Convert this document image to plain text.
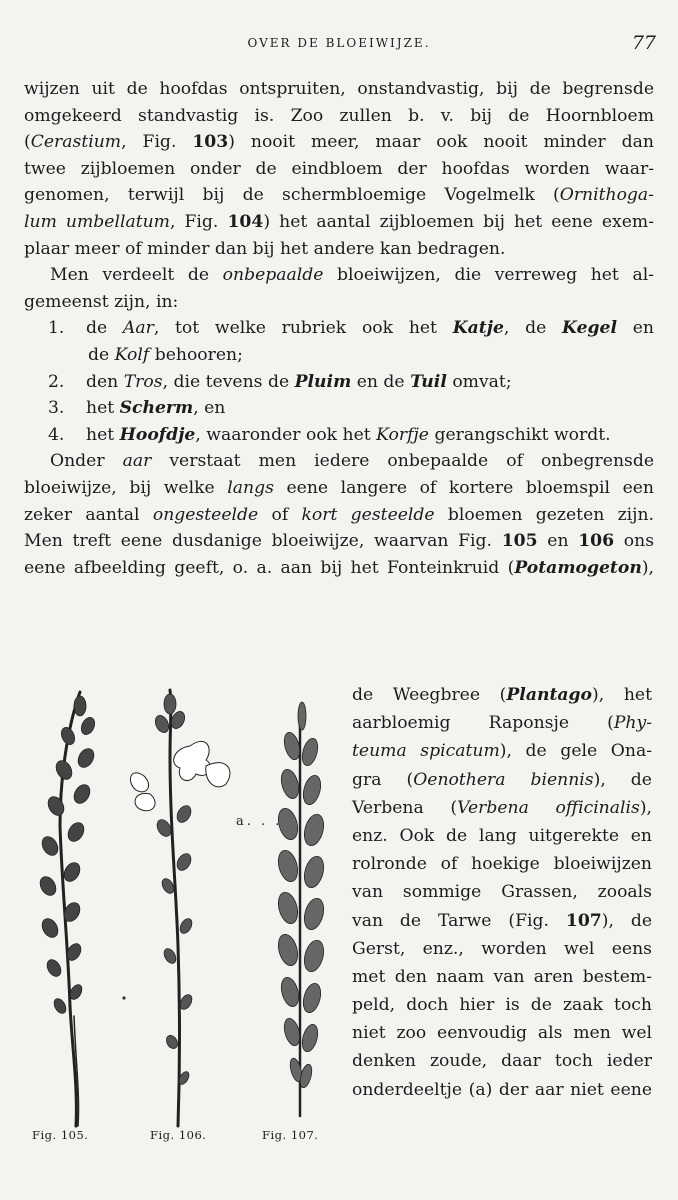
OVER DE BLOEIWIJZE.	77
wijzen uit de hoofdas ontspruiten, onstandvastig, bij de begrensde
omgekeerd standvastig is. Zoo zullen b. v. bij de Hoornbloem
(Cerastium, Fig. 103) nooit meer, maar ook nooit minder dan
twee zijbloemen onder de eindbloem der hoofdas worden waar-
genomen, terwijl bij de schermbloemige Vogelmelk (Ornithoga-
lum umbellatum, Fig. 104) het aantal zijbloemen bij het eene exem-
plaar meer of minder dan bij het andere kan bedragen.
Men verdeelt de onbepaalde bloeiwijzen, die verreweg het al-
gemeenst zijn, in:
1. de Aar, tot welke rubriek ook het Katje, de Kegel en
de Kolf behooren;
2. den Tros, die tevens de Pluim en de Tuil omvat;
3. het Scherm, en
4. het Hoofdje, waaronder ook het Korfje gerangschikt wordt.
Onder aar verstaat men iedere onbepaalde of onbegrensde
bloeiwijze, bij welke langs eene langere of kortere bloemspil een
zeker aantal ongesteelde of kort gesteelde bloemen gezeten zijn.
Men treft eene dusdanige bloeiwijze, waarvan Fig. 105 en 106 ons
eene afbeelding geeft, o. a. aan bij het Fonteinkruid (Potamogeton),
Fig. 105.	Fig. 106.	Fig. 107.
a. . .
de Weegbree (Plantago), het
aarbloemig Raponsje (Phy-
teuma spicatum), de gele Ona-
gra (Oenothera biennis), de
Verbena (Verbena officinalis),
enz. Ook de lang uitgerekte en
rolronde of hoekige bloeiwijzen
van sommige Grassen, zooals
van de Tarwe (Fig. 107), de
Gerst, enz., worden wel eens
met den naam van aren bestem-
peld, doch hier is de zaak toch
niet zoo eenvoudig als men wel
denken zoude, daar toch ieder
onderdeeltje (a) der aar niet eene
